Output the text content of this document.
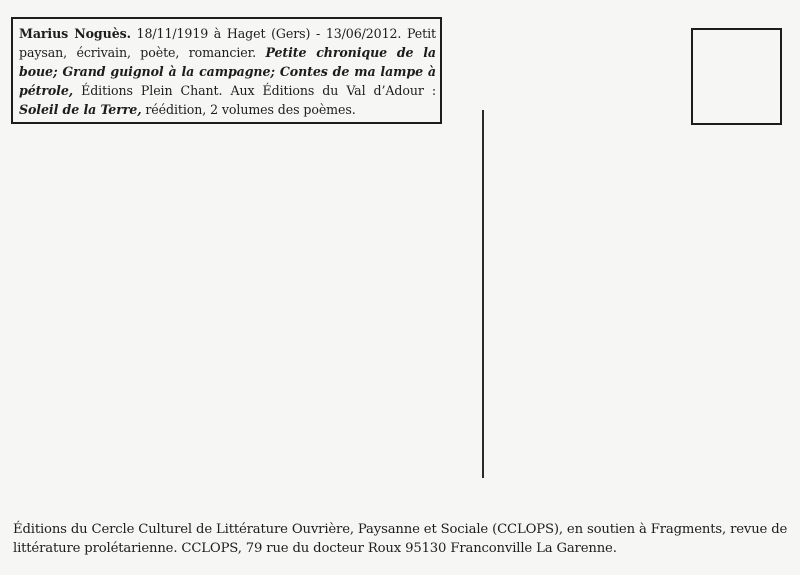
Marius Noguès. 18/11/1919 à Haget (Gers) - 13/06/2012. Petit paysan, écrivain, poète, romancier. Petite chronique de la boue; Grand guignol à la campagne; Contes de ma lampe à pétrole, Éditions Plein Chant. Aux Éditions du Val d’Adour : Soleil de la Terre, réédition, 2 volumes des poèmes.
Éditions du Cercle Culturel de Littérature Ouvrière, Paysanne et Sociale (CCLOPS), en soutien à Fragments, revue de littérature prolétarienne. CCLOPS, 79 rue du docteur Roux 95130 Franconville La Garenne.
